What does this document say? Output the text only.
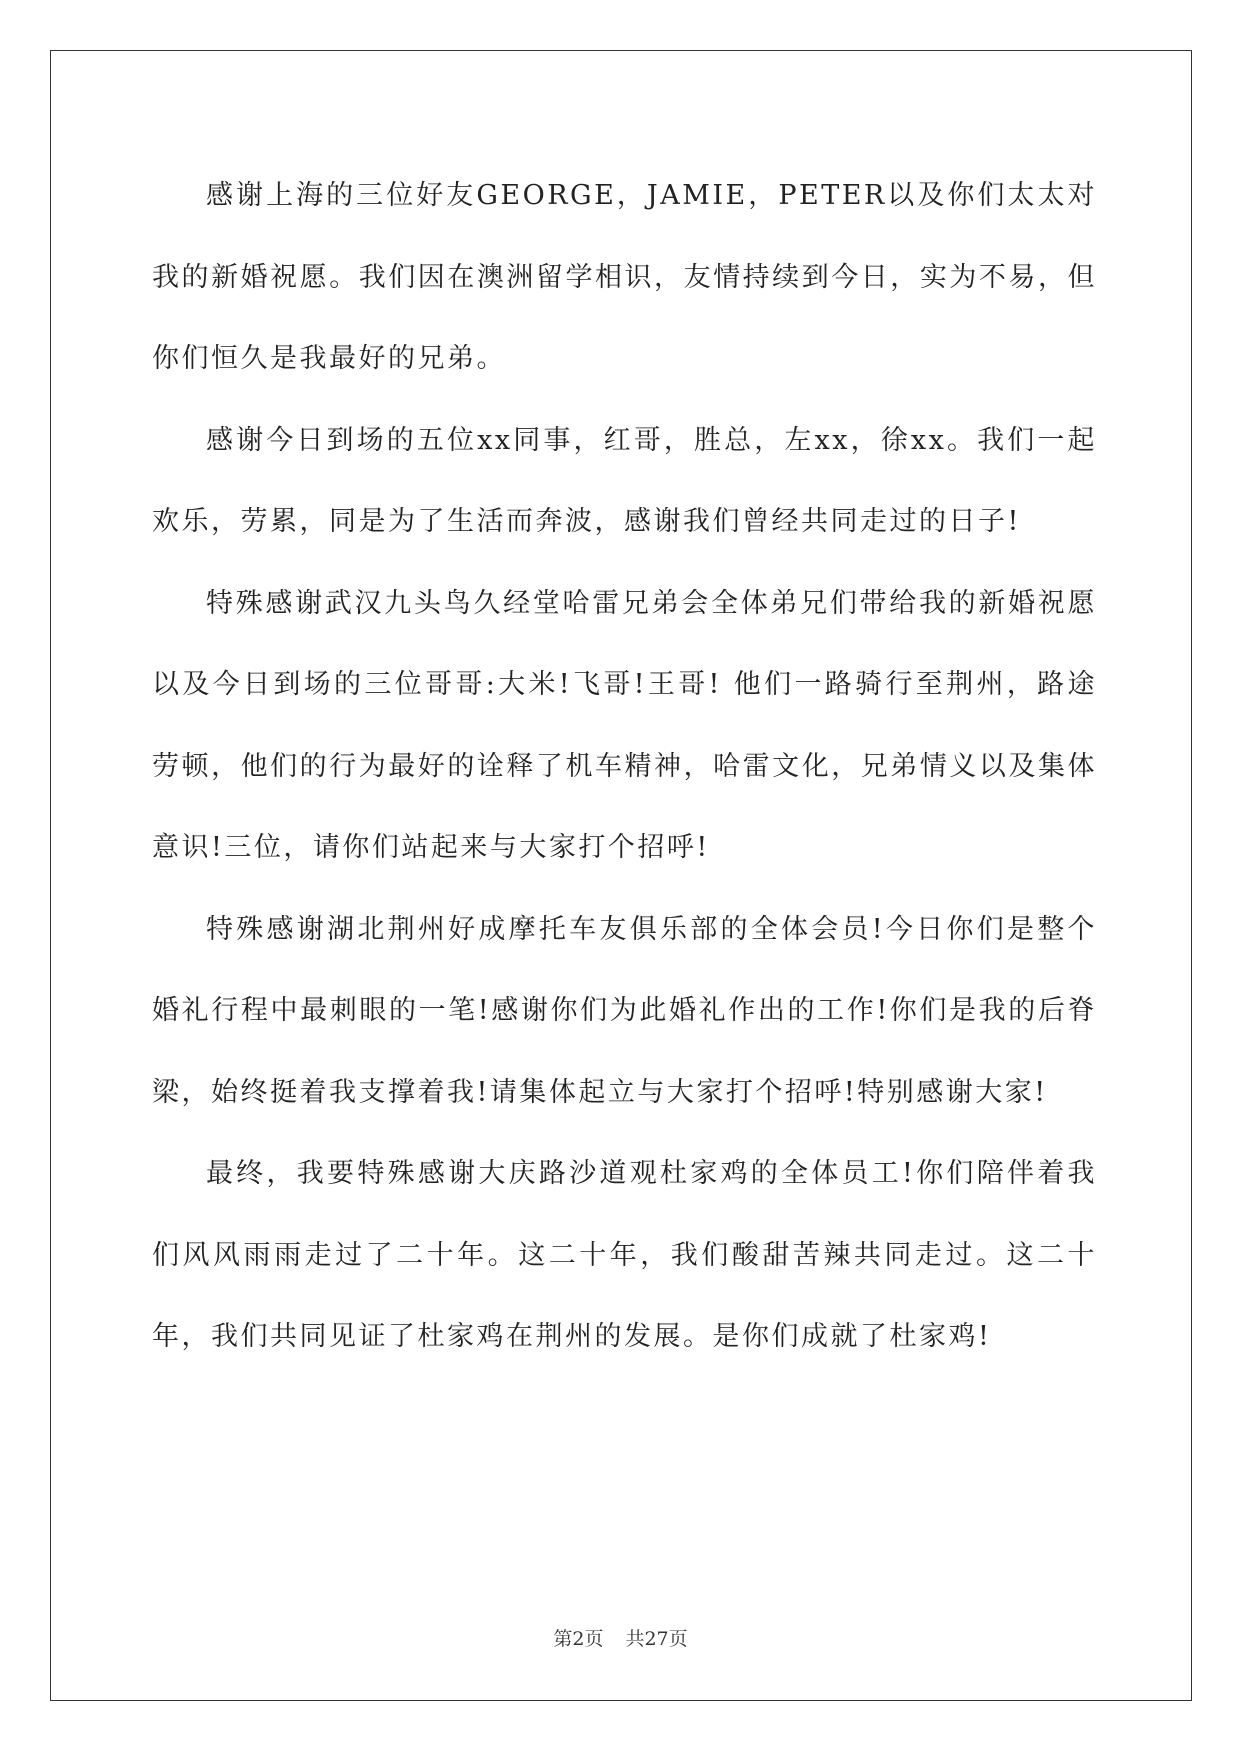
感谢上海的三位好友GEORGE，JAMIE，PETER以及你们太太对我的新婚祝愿。我们因在澳洲留学相识，友情持续到今日，实为不易，但你们恒久是我最好的兄弟。

感谢今日到场的五位xx同事，红哥，胜总，左xx，徐xx。我们一起欢乐，劳累，同是为了生活而奔波，感谢我们曾经共同走过的日子!

特殊感谢武汉九头鸟久经堂哈雷兄弟会全体弟兄们带给我的新婚祝愿以及今日到场的三位哥哥:大米!飞哥!王哥! 他们一路骑行至荆州，路途劳顿，他们的行为最好的诠释了机车精神，哈雷文化，兄弟情义以及集体意识!三位，请你们站起来与大家打个招呼!

特殊感谢湖北荆州好成摩托车友俱乐部的全体会员!今日你们是整个婚礼行程中最刺眼的一笔!感谢你们为此婚礼作出的工作!你们是我的后脊梁，始终挺着我支撑着我!请集体起立与大家打个招呼!特别感谢大家!

最终，我要特殊感谢大庆路沙道观杜家鸡的全体员工!你们陪伴着我们风风雨雨走过了二十年。这二十年，我们酸甜苦辣共同走过。这二十年，我们共同见证了杜家鸡在荆州的发展。是你们成就了杜家鸡!

第2页 共27页
